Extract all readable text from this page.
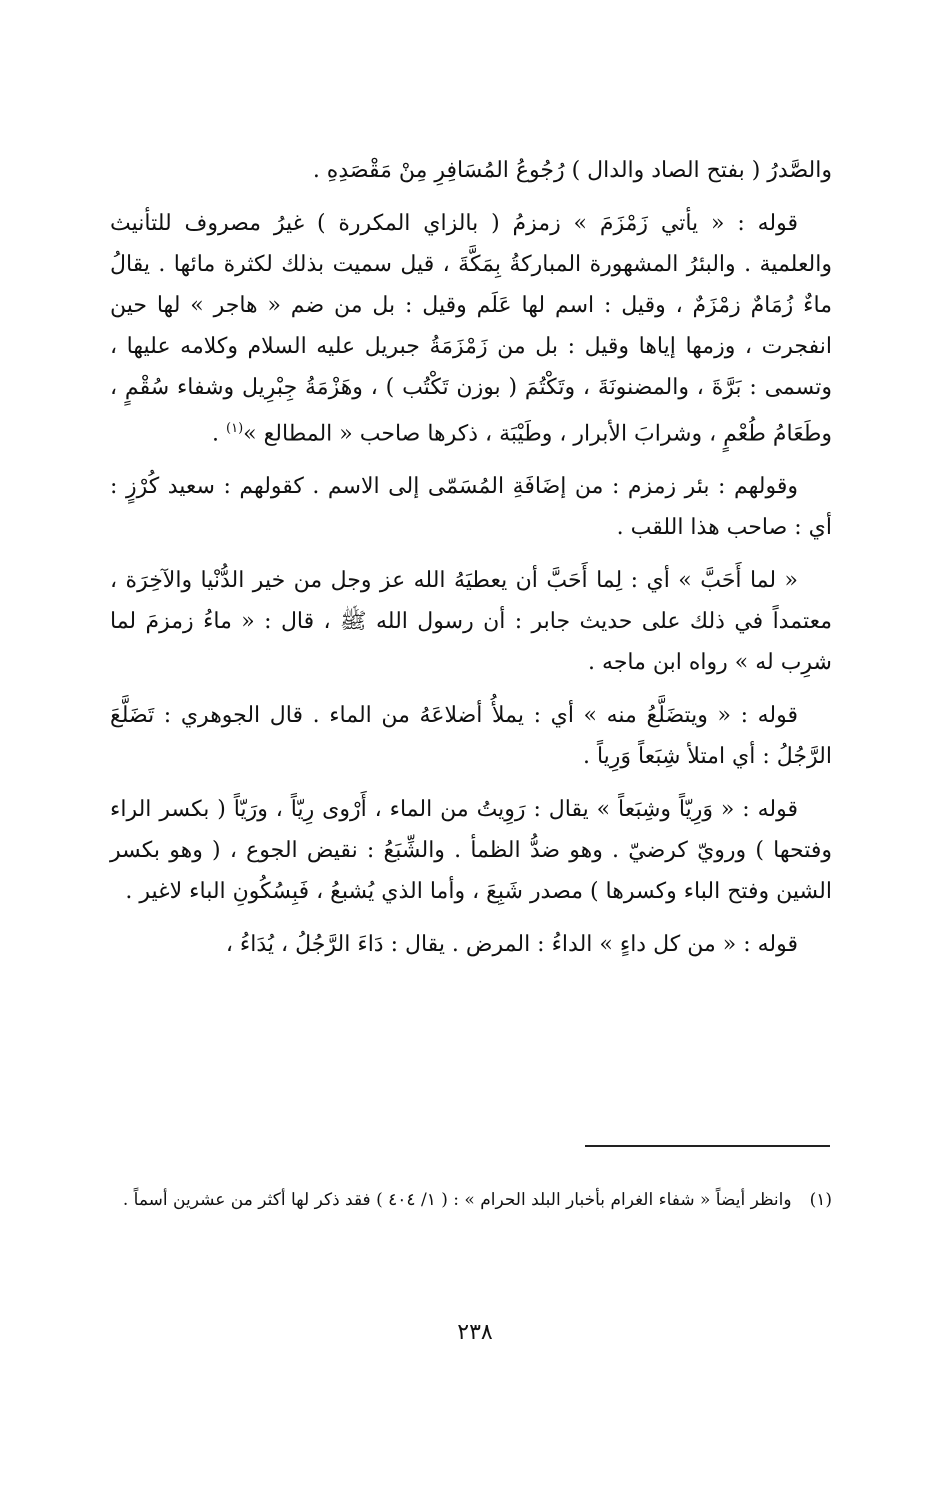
والصَّدرُ ( بفتح الصاد والدال ) رُجُوعُ المُسَافِرِ مِنْ مَقْصَدِهِ .

قوله : « يأتي زَمْزَمَ » زمزمُ ( بالزاي المكررة ) غيرُ مصروف للتأنيث والعلمية . والبئرُ المشهورة المباركةُ بِمَكَّةَ ، قيل سميت بذلك لكثرة مائها . يقالُ ماءٌ زُمَامٌ زمْزَمٌ ، وقيل : اسم لها عَلَم وقيل : بل من ضم « هاجر » لها حين انفجرت ، وزمها إياها وقيل : بل من زَمْزَمَةُ جبريل عليه السلام وكلامه عليها ، وتسمى : بَرَّةَ ، والمضنونَةَ ، وتَكْتُمَ ( بوزن تَكْتُب ) ، وهَزْمَةُ جِبْرِيل وشفاء سُقْمٍ ، وطَعَامُ طُعْمٍ ، وشرابَ الأبرار ، وطَيْبَة ، ذكرها صاحب « المطالع »$^{(١)}$ .

وقولهم : بئر زمزم : من إضَافَةِ المُسَمّى إلى الاسم . كقولهم : سعيد كُرْزٍ : أي : صاحب هذا اللقب .

« لما أَحَبَّ » أي : لِما أَحَبَّ أن يعطيَهُ الله عز وجل من خير الدُّنْيا والآخِرَة ، معتمداً في ذلك على حديث جابر : أن رسول الله ﷺ ، قال : « ماءُ زمزمَ لما شرِب له » رواه ابن ماجه .

قوله : « ويتضَلَّعُ منه » أي : يملأُ أضلاعَهُ من الماء . قال الجوهري : تَضَلَّعَ الرَّجُلُ : أي امتلأ شِبَعاً وَرِياً .

قوله : « وَرِيّاً وشِبَعاً » يقال : رَوِيتُ من الماء ، أَرْوى رِيّاً ، ورَيّاً ( بكسر الراء وفتحها ) ورويّ كرضيّ . وهو ضدُّ الظمأ . والشِّبَعُ : نقيض الجوع ، ( وهو بكسر الشين وفتح الباء وكسرها ) مصدر شَبِعَ ، وأما الذي يُشبعُ ، فَبِسُكُونِ الباء لاغير .

قوله : « من كل داءٍ » الداءُ : المرض . يقال : دَاءَ الرَّجُلُ ، يُدَاءُ ،

(١)وانظر أيضاً « شفاء الغرام بأخبار البلد الحرام » : ( ١/ ٤٠٤ ) فقد ذكر لها أكثر من عشرين أسماً .
٢٣٨
